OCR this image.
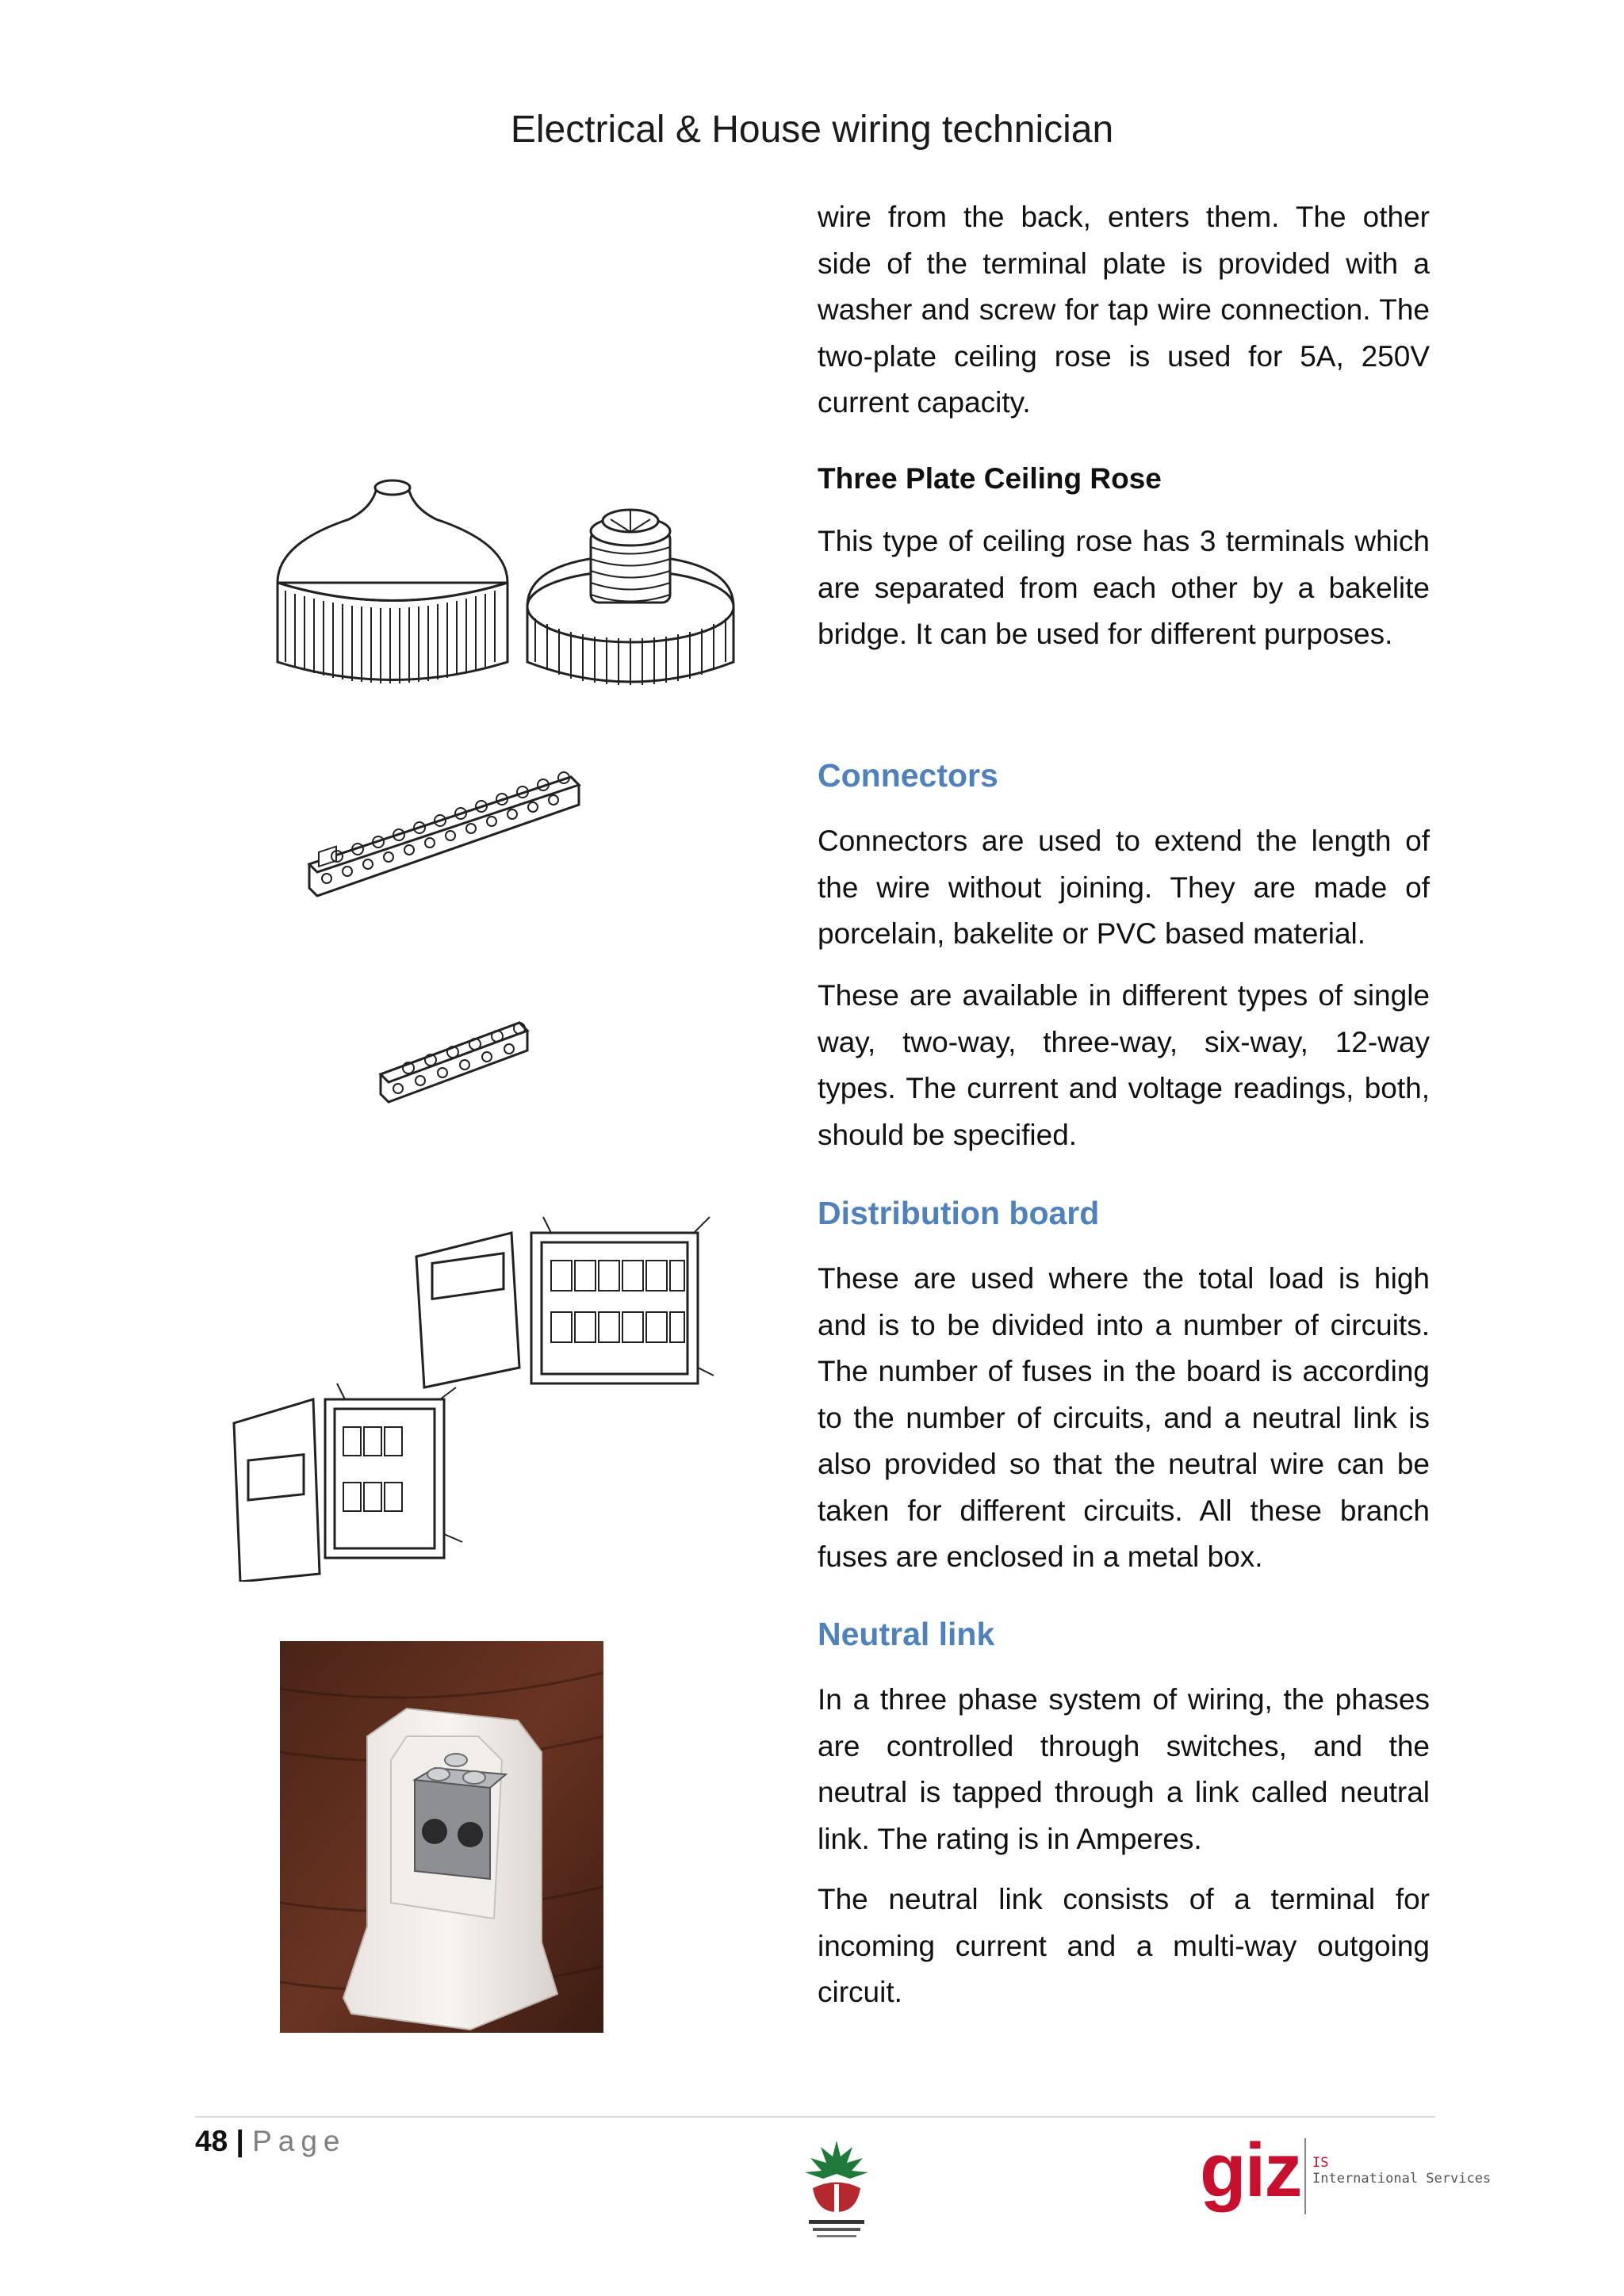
Electrical & House wiring technician

wire from the back, enters them. The other side of the terminal plate is provided with a washer and screw for tap wire connection. The two-plate ceiling rose is used for 5A, 250V current capacity.

Three Plate Ceiling Rose

This type of ceiling rose has 3 terminals which are separated from each other by a bakelite bridge. It can be used for different purposes.

Connectors

Connectors are used to extend the length of the wire without joining. They are made of porcelain, bakelite or PVC based material.

These are available in different types of single way, two-way, three-way, six-way, 12-way types. The current and voltage readings, both, should be specified.

Distribution board

These are used where the total load is high and is to be divided into a number of circuits. The number of fuses in the board is according to the number of circuits, and a neutral link is also provided so that the neutral wire can be taken for different circuits. All these branch fuses are enclosed in a metal box.

Neutral link

In a three phase system of wiring, the phases are controlled through switches, and the neutral is tapped through a link called neutral link. The rating is in Amperes.

The neutral link consists of a terminal for incoming current and a multi-way outgoing circuit.

48 | Page	giz IS
International Services
